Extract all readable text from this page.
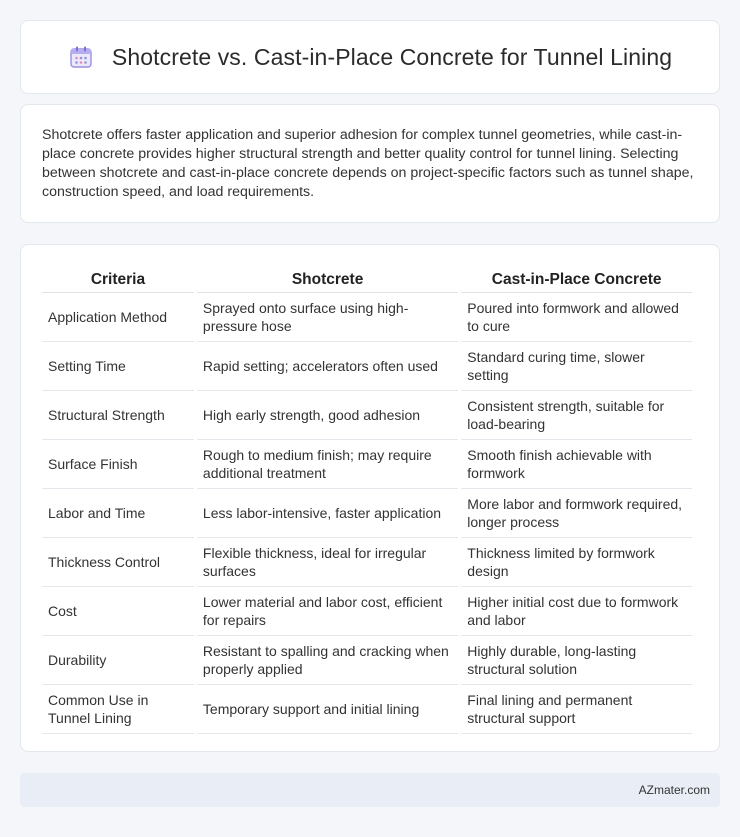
Shotcrete vs. Cast-in-Place Concrete for Tunnel Lining

Shotcrete offers faster application and superior adhesion for complex tunnel geometries, while cast-in-place concrete provides higher structural strength and better quality control for tunnel lining. Selecting between shotcrete and cast-in-place concrete depends on project-specific factors such as tunnel shape, construction speed, and load requirements.

Criteria	Shotcrete	Cast-in-Place Concrete
Application Method	Sprayed onto surface using high-pressure hose	Poured into formwork and allowed to cure
Setting Time	Rapid setting; accelerators often used	Standard curing time, slower setting
Structural Strength	High early strength, good adhesion	Consistent strength, suitable for load-bearing
Surface Finish	Rough to medium finish; may require additional treatment	Smooth finish achievable with formwork
Labor and Time	Less labor-intensive, faster application	More labor and formwork required, longer process
Thickness Control	Flexible thickness, ideal for irregular surfaces	Thickness limited by formwork design
Cost	Lower material and labor cost, efficient for repairs	Higher initial cost due to formwork and labor
Durability	Resistant to spalling and cracking when properly applied	Highly durable, long-lasting structural solution
Common Use in Tunnel Lining	Temporary support and initial lining	Final lining and permanent structural support
AZmater.com
